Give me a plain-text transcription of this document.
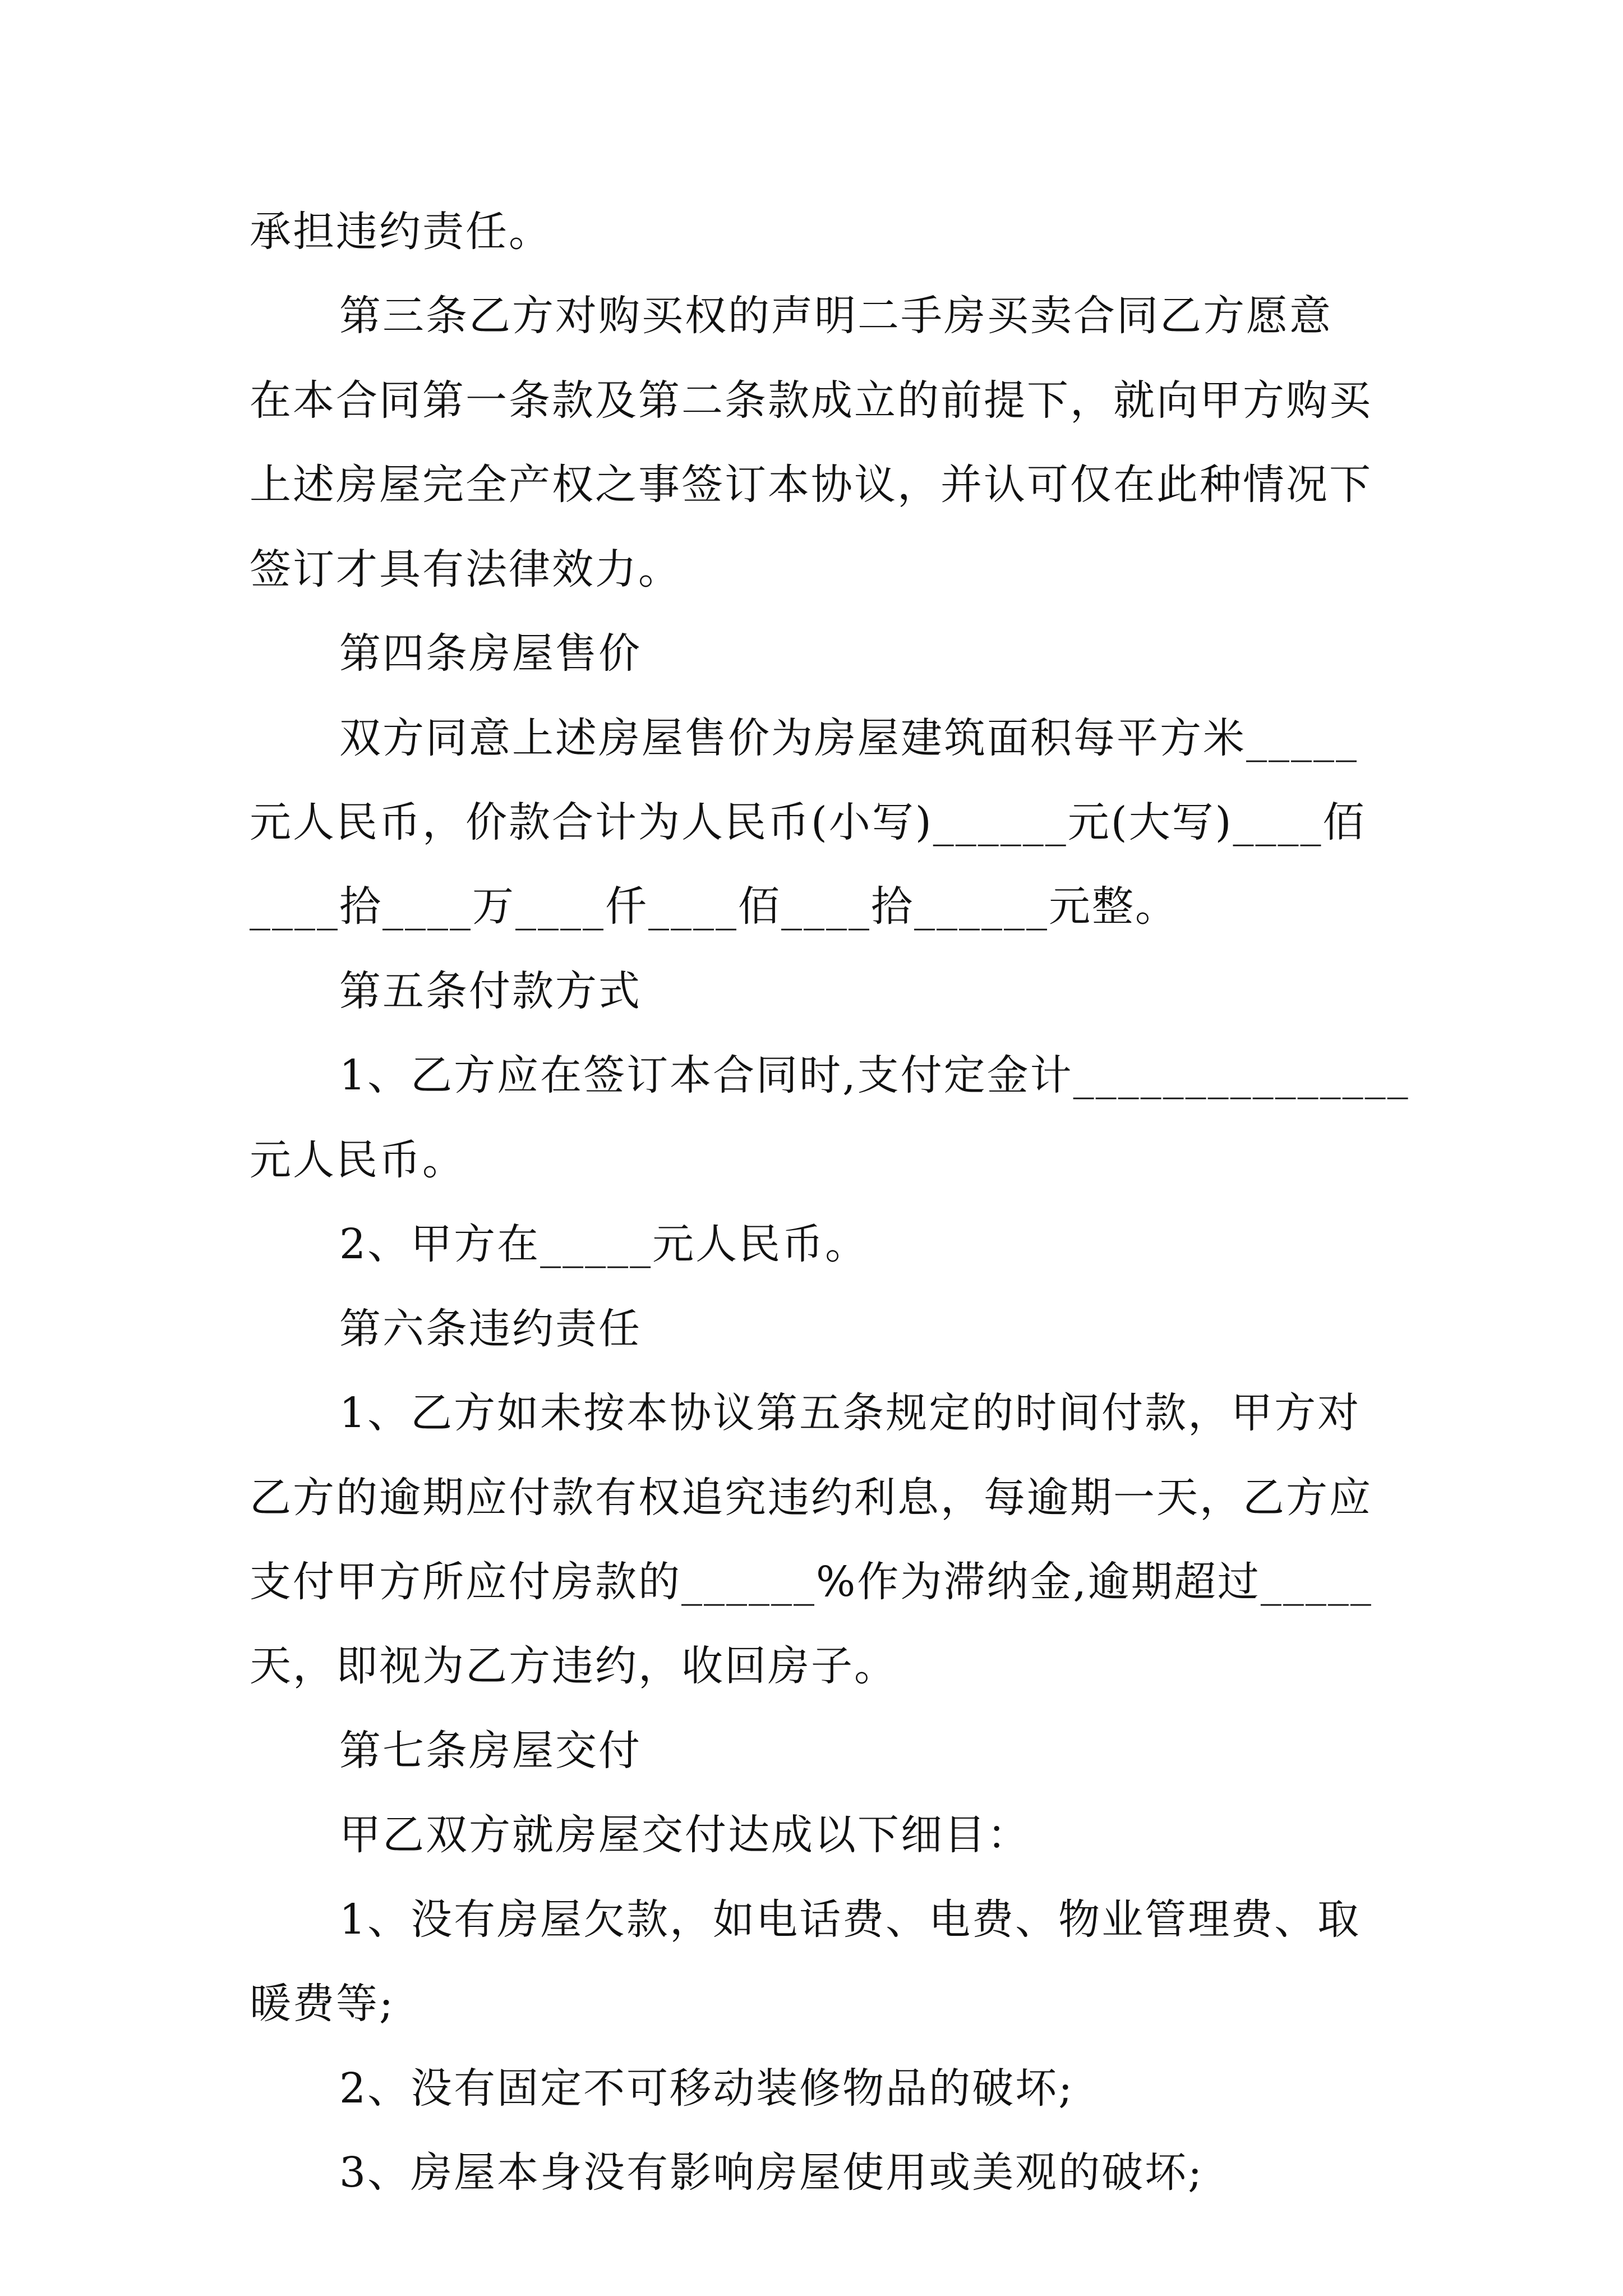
承担违约责任。
第三条乙方对购买权的声明二手房买卖合同乙方愿意
在本合同第一条款及第二条款成立的前提下，就向甲方购买
上述房屋完全产权之事签订本协议，并认可仅在此种情况下
签订才具有法律效力。
第四条房屋售价
双方同意上述房屋售价为房屋建筑面积每平方米_____
元人民币，价款合计为人民币(小写)______元(大写)____佰
____拾____万____仟____佰____拾______元整。
第五条付款方式
1、乙方应在签订本合同时,支付定金计_______________
元人民币。
2、甲方在_____元人民币。
第六条违约责任
1、乙方如未按本协议第五条规定的时间付款，甲方对
乙方的逾期应付款有权追究违约利息，每逾期一天，乙方应
支付甲方所应付房款的______%作为滞纳金,逾期超过_____
天，即视为乙方违约，收回房子。
第七条房屋交付
甲乙双方就房屋交付达成以下细目：
1、没有房屋欠款，如电话费、电费、物业管理费、取
暖费等;
2、没有固定不可移动装修物品的破坏;
3、房屋本身没有影响房屋使用或美观的破坏;
